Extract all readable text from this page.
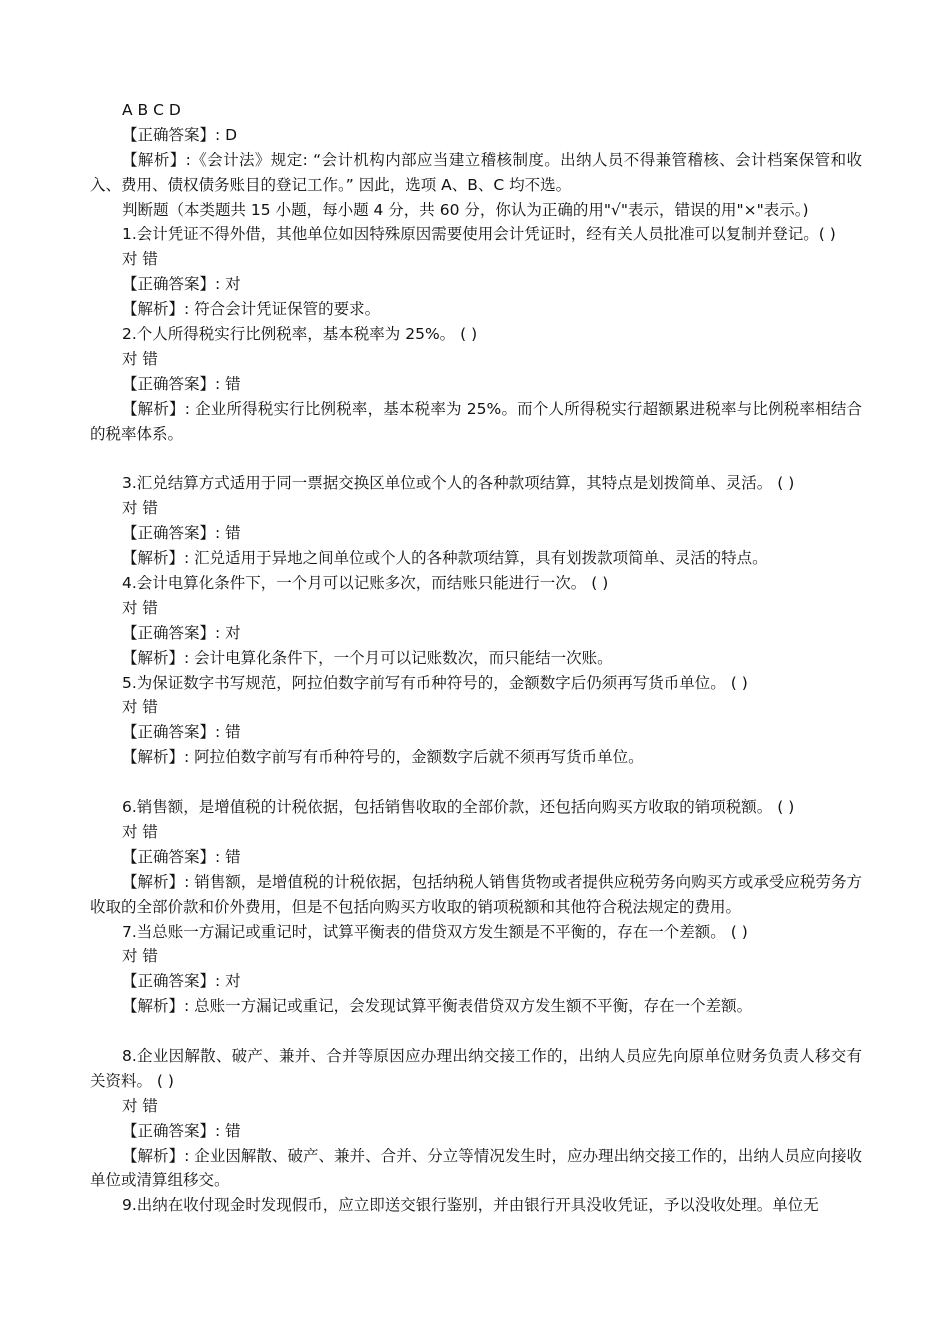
A B C D
【正确答案】: D
【解析】:《会计法》规定: “会计机构内部应当建立稽核制度。出纳人员不得兼管稽核、会计档案保管和收入、费用、债权债务账目的登记工作。” 因此，选项 A、B、C 均不选。
判断题（本类题共 15 小题，每小题 4 分，共 60 分，你认为正确的用"√"表示，错误的用"×"表示。)
1.会计凭证不得外借，其他单位如因特殊原因需要使用会计凭证时，经有关人员批准可以复制并登记。( )
对 错
【正确答案】: 对
【解析】: 符合会计凭证保管的要求。
2.个人所得税实行比例税率，基本税率为 25%。 ( )
对 错
【正确答案】: 错
【解析】: 企业所得税实行比例税率，基本税率为 25%。而个人所得税实行超额累进税率与比例税率相结合的税率体系。
3.汇兑结算方式适用于同一票据交换区单位或个人的各种款项结算，其特点是划拨简单、灵活。 ( )
对 错
【正确答案】: 错
【解析】: 汇兑适用于异地之间单位或个人的各种款项结算，具有划拨款项简单、灵活的特点。
4.会计电算化条件下，一个月可以记账多次，而结账只能进行一次。 ( )
对 错
【正确答案】: 对
【解析】: 会计电算化条件下，一个月可以记账数次，而只能结一次账。
5.为保证数字书写规范，阿拉伯数字前写有币种符号的，金额数字后仍须再写货币单位。 ( )
对 错
【正确答案】: 错
【解析】: 阿拉伯数字前写有币种符号的，金额数字后就不须再写货币单位。
6.销售额，是增值税的计税依据，包括销售收取的全部价款，还包括向购买方收取的销项税额。 ( )
对 错
【正确答案】: 错
【解析】: 销售额，是增值税的计税依据，包括纳税人销售货物或者提供应税劳务向购买方或承受应税劳务方收取的全部价款和价外费用，但是不包括向购买方收取的销项税额和其他符合税法规定的费用。
7.当总账一方漏记或重记时，试算平衡表的借贷双方发生额是不平衡的，存在一个差额。 ( )
对 错
【正确答案】: 对
【解析】: 总账一方漏记或重记，会发现试算平衡表借贷双方发生额不平衡，存在一个差额。
8.企业因解散、破产、兼并、合并等原因应办理出纳交接工作的，出纳人员应先向原单位财务负责人移交有关资料。 ( )
对 错
【正确答案】: 错
【解析】: 企业因解散、破产、兼并、合并、分立等情况发生时，应办理出纳交接工作的，出纳人员应向接收单位或清算组移交。
9.出纳在收付现金时发现假币，应立即送交银行鉴别，并由银行开具没收凭证，予以没收处理。单位无
